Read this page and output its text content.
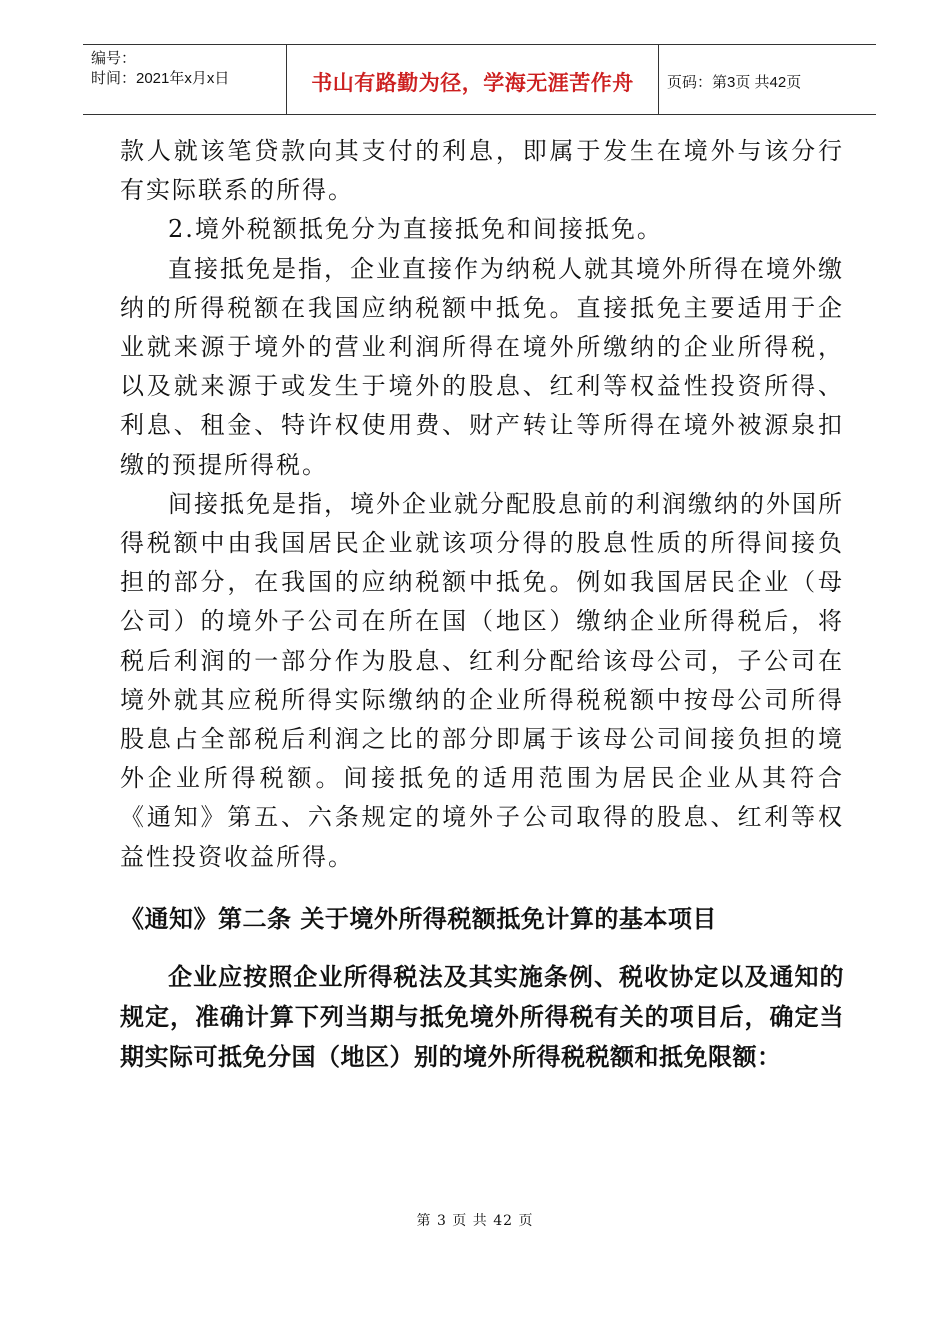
编号：
时间：2021年x月x日	书山有路勤为径，学海无涯苦作舟 页码：第3页 共42页

款人就该笔贷款向其支付的利息，即属于发生在境外与该分行有实际联系的所得。

2.境外税额抵免分为直接抵免和间接抵免。

直接抵免是指，企业直接作为纳税人就其境外所得在境外缴纳的所得税额在我国应纳税额中抵免。直接抵免主要适用于企业就来源于境外的营业利润所得在境外所缴纳的企业所得税，以及就来源于或发生于境外的股息、红利等权益性投资所得、利息、租金、特许权使用费、财产转让等所得在境外被源泉扣缴的预提所得税。

间接抵免是指，境外企业就分配股息前的利润缴纳的外国所得税额中由我国居民企业就该项分得的股息性质的所得间接负担的部分，在我国的应纳税额中抵免。例如我国居民企业（母公司）的境外子公司在所在国（地区）缴纳企业所得税后，将税后利润的一部分作为股息、红利分配给该母公司，子公司在境外就其应税所得实际缴纳的企业所得税税额中按母公司所得股息占全部税后利润之比的部分即属于该母公司间接负担的境外企业所得税额。间接抵免的适用范围为居民企业从其符合《通知》第五、六条规定的境外子公司取得的股息、红利等权益性投资收益所得。

《通知》第二条 关于境外所得税额抵免计算的基本项目

企业应按照企业所得税法及其实施条例、税收协定以及通知的规定，准确计算下列当期与抵免境外所得税有关的项目后，确定当期实际可抵免分国（地区）别的境外所得税税额和抵免限额：

第 3 页 共 42 页
